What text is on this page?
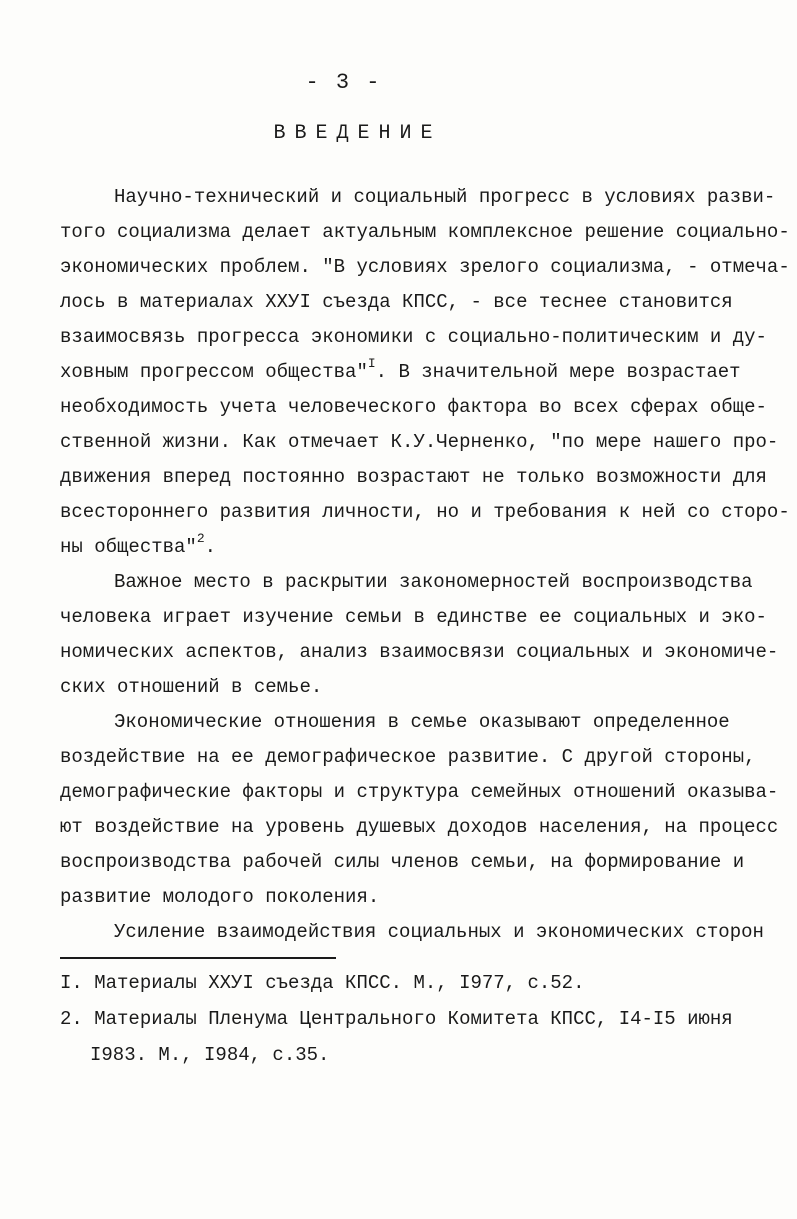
- 3 -
ВВЕДЕНИЕ
Научно-технический и социальный прогресс в условиях разви-
того социализма делает актуальным комплексное решение социально-
экономических проблем. "В условиях зрелого социализма, - отмеча-
лось в материалах XXУI съезда КПСС, - все теснее становится
взаимосвязь прогресса экономики с социально-политическим и ду-
ховным прогрессом общества"$^I$. В значительной мере возрастает
необходимость учета человеческого фактора во всех сферах обще-
ственной жизни. Как отмечает К.У.Черненко, "по мере нашего про-
движения вперед постоянно возрастают не только возможности для
всестороннего развития личности, но и требования к ней со сторо-
ны общества"$^2$.
Важное место в раскрытии закономерностей воспроизводства
человека играет изучение семьи в единстве ее социальных и эко-
номических аспектов, анализ взаимосвязи социальных и экономиче-
ских отношений в семье.
Экономические отношения в семье оказывают определенное
воздействие на ее демографическое развитие. С другой стороны,
демографические факторы и структура семейных отношений оказыва-
ют воздействие на уровень душевых доходов населения, на процесс
воспроизводства рабочей силы членов семьи, на формирование и
развитие молодого поколения.
Усиление взаимодействия социальных и экономических сторон
I. Материалы XXУI съезда КПСС. М., I977, с.52.
2. Материалы Пленума Центрального Комитета КПСС, I4-I5 июня
I983. М., I984, с.35.
